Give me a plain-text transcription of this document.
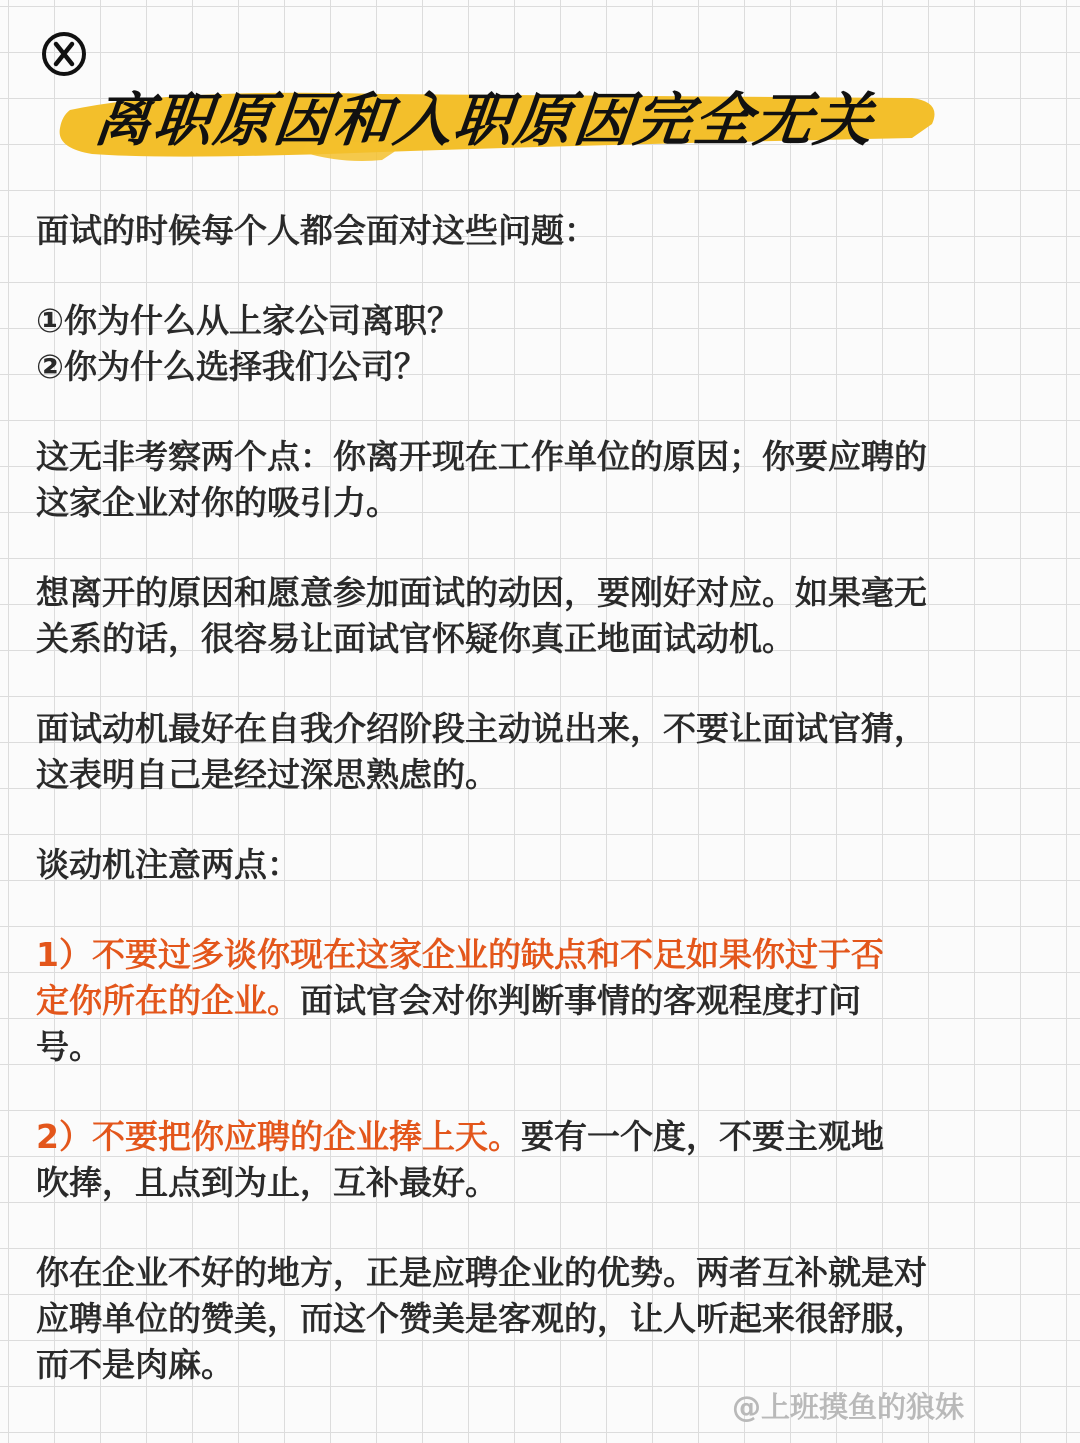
离职原因和入职原因完全无关

面试的时候每个人都会面对这些问题：

①你为什么从上家公司离职？
②你为什么选择我们公司？

这无非考察两个点：你离开现在工作单位的原因；你要应聘的
这家企业对你的吸引力。

想离开的原因和愿意参加面试的动因，要刚好对应。如果毫无
关系的话，很容易让面试官怀疑你真正地面试动机。

面试动机最好在自我介绍阶段主动说出来，不要让面试官猜，
这表明自己是经过深思熟虑的。

谈动机注意两点：

1）不要过多谈你现在这家企业的缺点和不足如果你过于否
定你所在的企业。面试官会对你判断事情的客观程度打问
号。

2）不要把你应聘的企业捧上天。要有一个度，不要主观地
吹捧，且点到为止，互补最好。

你在企业不好的地方，正是应聘企业的优势。两者互补就是对
应聘单位的赞美，而这个赞美是客观的，让人听起来很舒服，
而不是肉麻。

@上班摸鱼的狼妹
